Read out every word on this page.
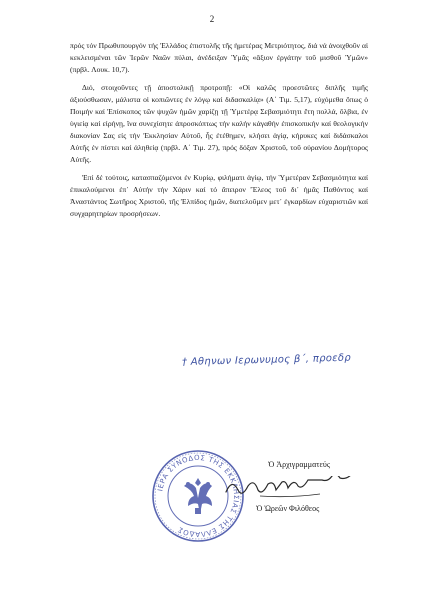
2

πρός τόν Πρωθυπουργόν τής Ἑλλάδος ἐπιστολῆς τῆς ἡμετέρας Μετριότητος, διά νά ἀνοιχθοῦν αἱ κεκλεισμέναι τῶν Ἱερῶν Ναῶν πύλαι, ἀνέδειξαν Ὑμᾶς «ἄξιον ἐργάτην τοῦ μισθοῦ Ὑμῶν» (πρβλ. Λουκ. 10,7).

Διό, στοιχοῦντες τῇ ἀποστολικῇ προτροπῇ: «Οἱ καλῶς προεστῶτες διπλῆς τιμῆς ἀξιούσθωσαν, μάλιστα οἱ κοπιῶντες ἐν λόγῳ καί διδασκαλίᾳ» (Α΄ Τιμ. 5,17), εὐχόμεθα ὅπως ὁ Ποιμήν καί Ἐπίσκοπος τῶν ψυχῶν ἡμῶν χαρίζῃ τῇ Ὑμετέρᾳ Σεβασμιότητι ἔτη πολλά, ὄλβια, ἐν ὑγιείᾳ καί εἰρήνῃ, ἵνα συνεχίσητε ἀπροσκόπτως τήν καλήν κἀγαθήν ἐπισκοπικήν καί θεολογικήν διακονίαν Σας εἰς τήν Ἐκκλησίαν Αὐτοῦ, ἧς ἐτέθημεν, κλήσει ἁγίᾳ, κήρυκες καί διδάσκαλοι Αὐτῆς ἐν πίστει καί ἀληθείᾳ (πρβλ. Α΄ Τιμ. 27), πρός δόξαν Χριστοῦ, τοῦ οὐρανίου Δομήτορος Αὐτῆς.

Ἐπί δέ τούτοις, κατασπαζόμενοι ἐν Κυρίῳ, φιλήματι ἁγίῳ, τήν Ὑμετέραν Σεβασμιότητα καί ἐπικαλούμενοι ἐπ᾽ Αὐτήν τήν Χάριν καί τό ἄπειρον Ἔλεος τοῦ δι᾽ ἡμᾶς Παθόντος καί Ἀναστάντος Σωτῆρος Χριστοῦ, τῆς Ἐλπίδος ἡμῶν, διατελοῦμεν μετ᾽ ἐγκαρδίων εὐχαριστιῶν καί συγχαρητηρίων προσρήσεων.

† Αθηνων Ιερωνυμος β΄, προεδρ
ΙΕΡΑ ΣΥΝΟΔΟΣ ΤΗΣ ΕΚΚΛΗΣΙΑΣ ΤΗΣ ΕΛΛΑΔΟΣ
Ὁ Ἀρχιγραμματεύς
Ὁ Ὠρεῶν Φιλόθεος
